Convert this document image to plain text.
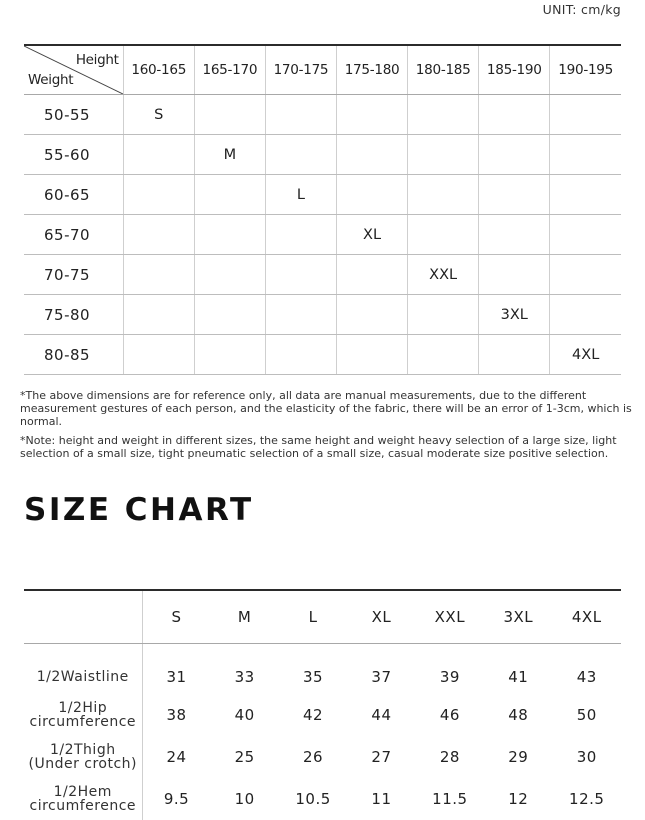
UNIT: cm/kg
Height
Weight	160-165	165-170	170-175	175-180	180-185	185-190	190-195
50-55	S						
55-60		M					
60-65			L				
65-70				XL			
70-75					XXL		
75-80						3XL	
80-85							4XL

*The above dimensions are for reference only, all data are manual measurements, due to the different measurement gestures of each person, and the elasticity of the fabric, there will be an error of 1-3cm, which is normal.

*Note: height and weight in different sizes, the same height and weight heavy selection of a large size, light selection of a small size, tight pneumatic selection of a small size, casual moderate size positive selection.

SIZE CHART
	S	M	L	XL	XXL	3XL	4XL

1/2Waistline	31	33	35	37	39	41	43

1/2Hip
circumference	38	40	42	44	46	48	50

1/2Thigh
(Under crotch)	24	25	26	27	28	29	30

1/2Hem
circumference	9.5	10	10.5	11	11.5	12	12.5
